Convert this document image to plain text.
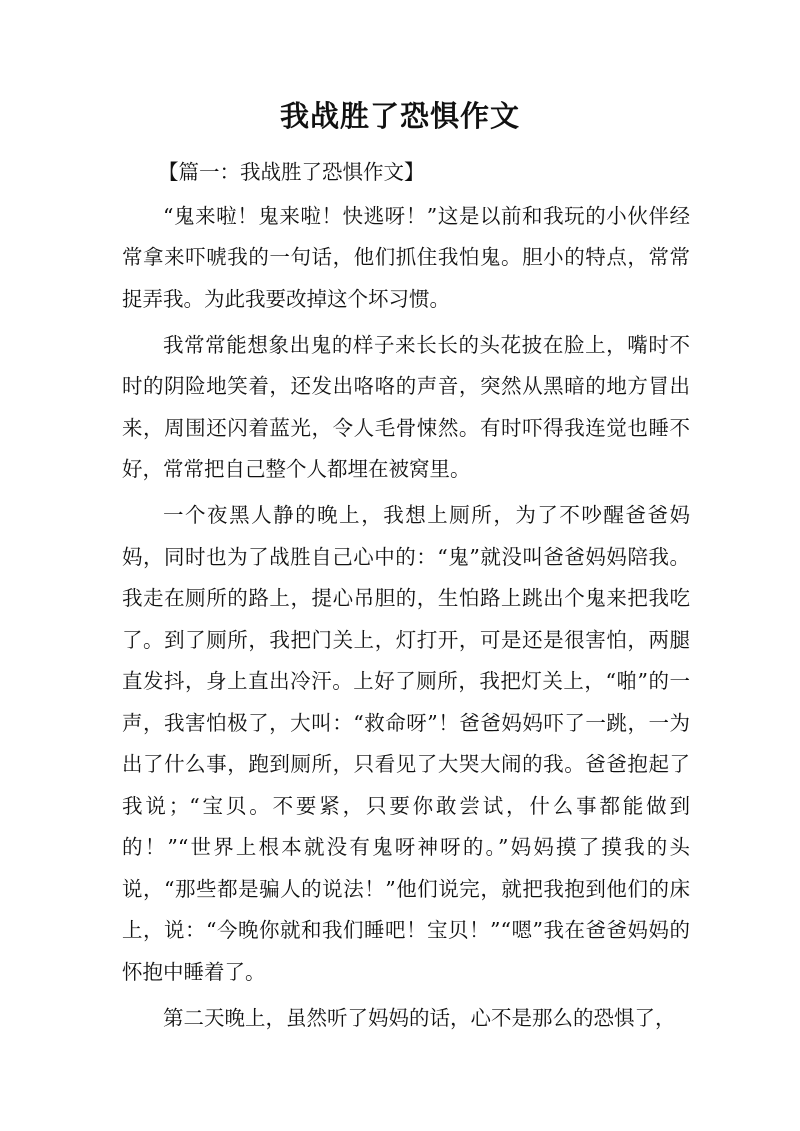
我战胜了恐惧作文
【篇一：我战胜了恐惧作文】

“鬼来啦！鬼来啦！快逃呀！”这是以前和我玩的小伙伴经常拿来吓唬我的一句话，他们抓住我怕鬼。胆小的特点，常常捉弄我。为此我要改掉这个坏习惯。

我常常能想象出鬼的样子来长长的头花披在脸上，嘴时不时的阴险地笑着，还发出咯咯的声音，突然从黑暗的地方冒出来，周围还闪着蓝光，令人毛骨悚然。有时吓得我连觉也睡不好，常常把自己整个人都埋在被窝里。

一个夜黑人静的晚上，我想上厕所，为了不吵醒爸爸妈妈，同时也为了战胜自己心中的：“鬼”就没叫爸爸妈妈陪我。我走在厕所的路上，提心吊胆的，生怕路上跳出个鬼来把我吃了。到了厕所，我把门关上，灯打开，可是还是很害怕，两腿直发抖，身上直出冷汗。上好了厕所，我把灯关上，“啪”的一声，我害怕极了，大叫：“救命呀”！爸爸妈妈吓了一跳，一为出了什么事，跑到厕所，只看见了大哭大闹的我。爸爸抱起了我说；“宝贝。不要紧，只要你敢尝试，什么事都能做到的！”“世界上根本就没有鬼呀神呀的。”妈妈摸了摸我的头说，“那些都是骗人的说法！”他们说完，就把我抱到他们的床上，说：“今晚你就和我们睡吧！宝贝！”“嗯”我在爸爸妈妈的怀抱中睡着了。

第二天晚上，虽然听了妈妈的话，心不是那么的恐惧了，
